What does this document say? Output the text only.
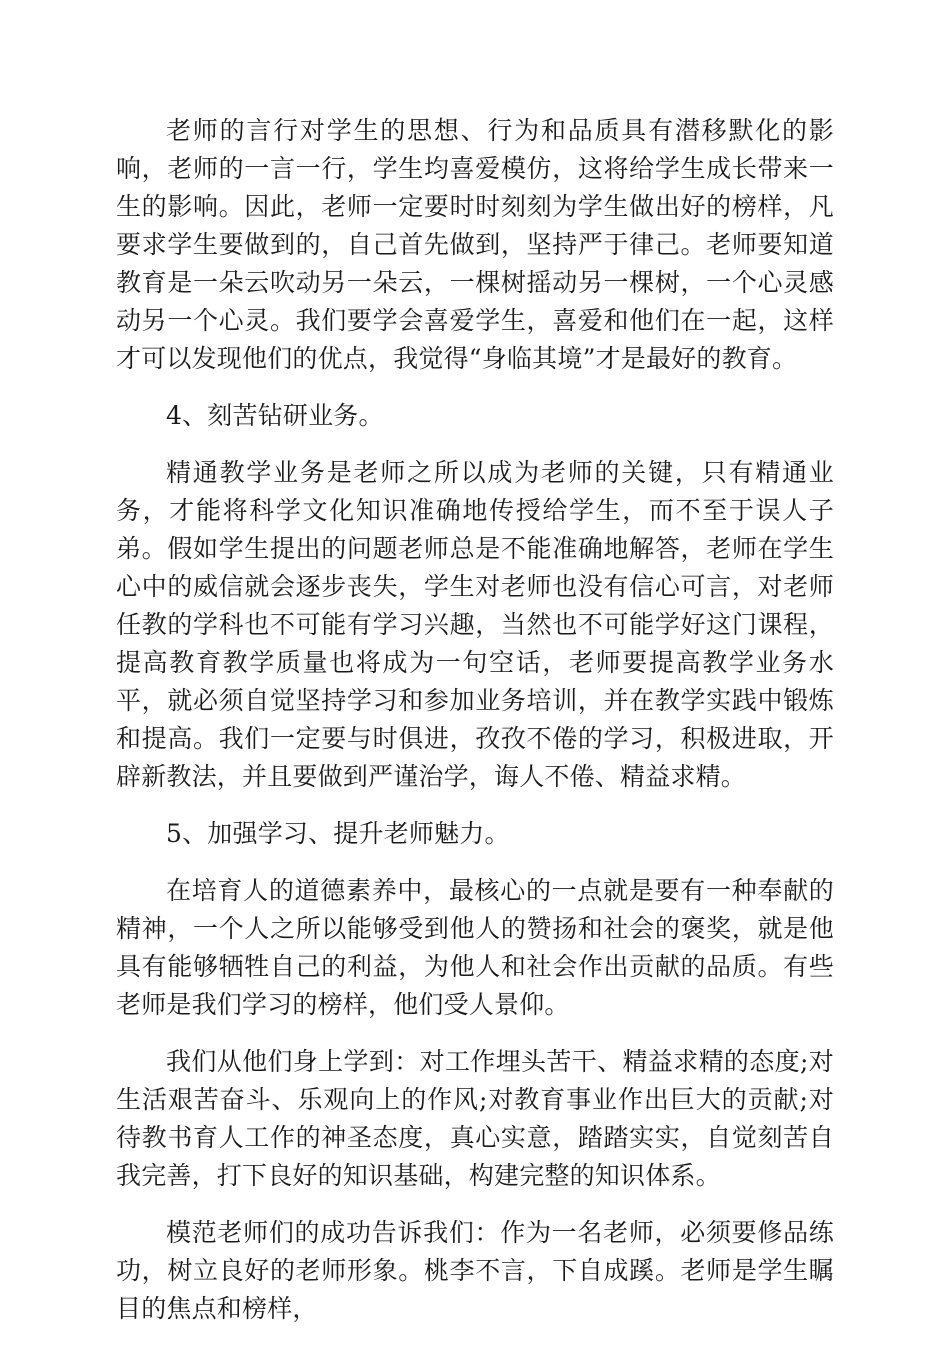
老师的言行对学生的思想、行为和品质具有潜移默化的影响，老师的一言一行，学生均喜爱模仿，这将给学生成长带来一生的影响。因此，老师一定要时时刻刻为学生做出好的榜样，凡要求学生要做到的，自己首先做到，坚持严于律己。老师要知道教育是一朵云吹动另一朵云，一棵树摇动另一棵树，一个心灵感动另一个心灵。我们要学会喜爱学生，喜爱和他们在一起，这样才可以发现他们的优点，我觉得“身临其境”才是最好的教育。

4、刻苦钻研业务。

精通教学业务是老师之所以成为老师的关键，只有精通业务，才能将科学文化知识准确地传授给学生，而不至于误人子弟。假如学生提出的问题老师总是不能准确地解答，老师在学生心中的威信就会逐步丧失，学生对老师也没有信心可言，对老师任教的学科也不可能有学习兴趣，当然也不可能学好这门课程，提高教育教学质量也将成为一句空话，老师要提高教学业务水平，就必须自觉坚持学习和参加业务培训，并在教学实践中锻炼和提高。我们一定要与时俱进，孜孜不倦的学习，积极进取，开辟新教法，并且要做到严谨治学，诲人不倦、精益求精。

5、加强学习、提升老师魅力。

在培育人的道德素养中，最核心的一点就是要有一种奉献的精神，一个人之所以能够受到他人的赞扬和社会的褒奖，就是他具有能够牺牲自己的利益，为他人和社会作出贡献的品质。有些老师是我们学习的榜样，他们受人景仰。

我们从他们身上学到：对工作埋头苦干、精益求精的态度;对生活艰苦奋斗、乐观向上的作风;对教育事业作出巨大的贡献;对待教书育人工作的神圣态度，真心实意，踏踏实实，自觉刻苦自我完善，打下良好的知识基础，构建完整的知识体系。

模范老师们的成功告诉我们：作为一名老师，必须要修品练功，树立良好的老师形象。桃李不言，下自成蹊。老师是学生瞩目的焦点和榜样，
